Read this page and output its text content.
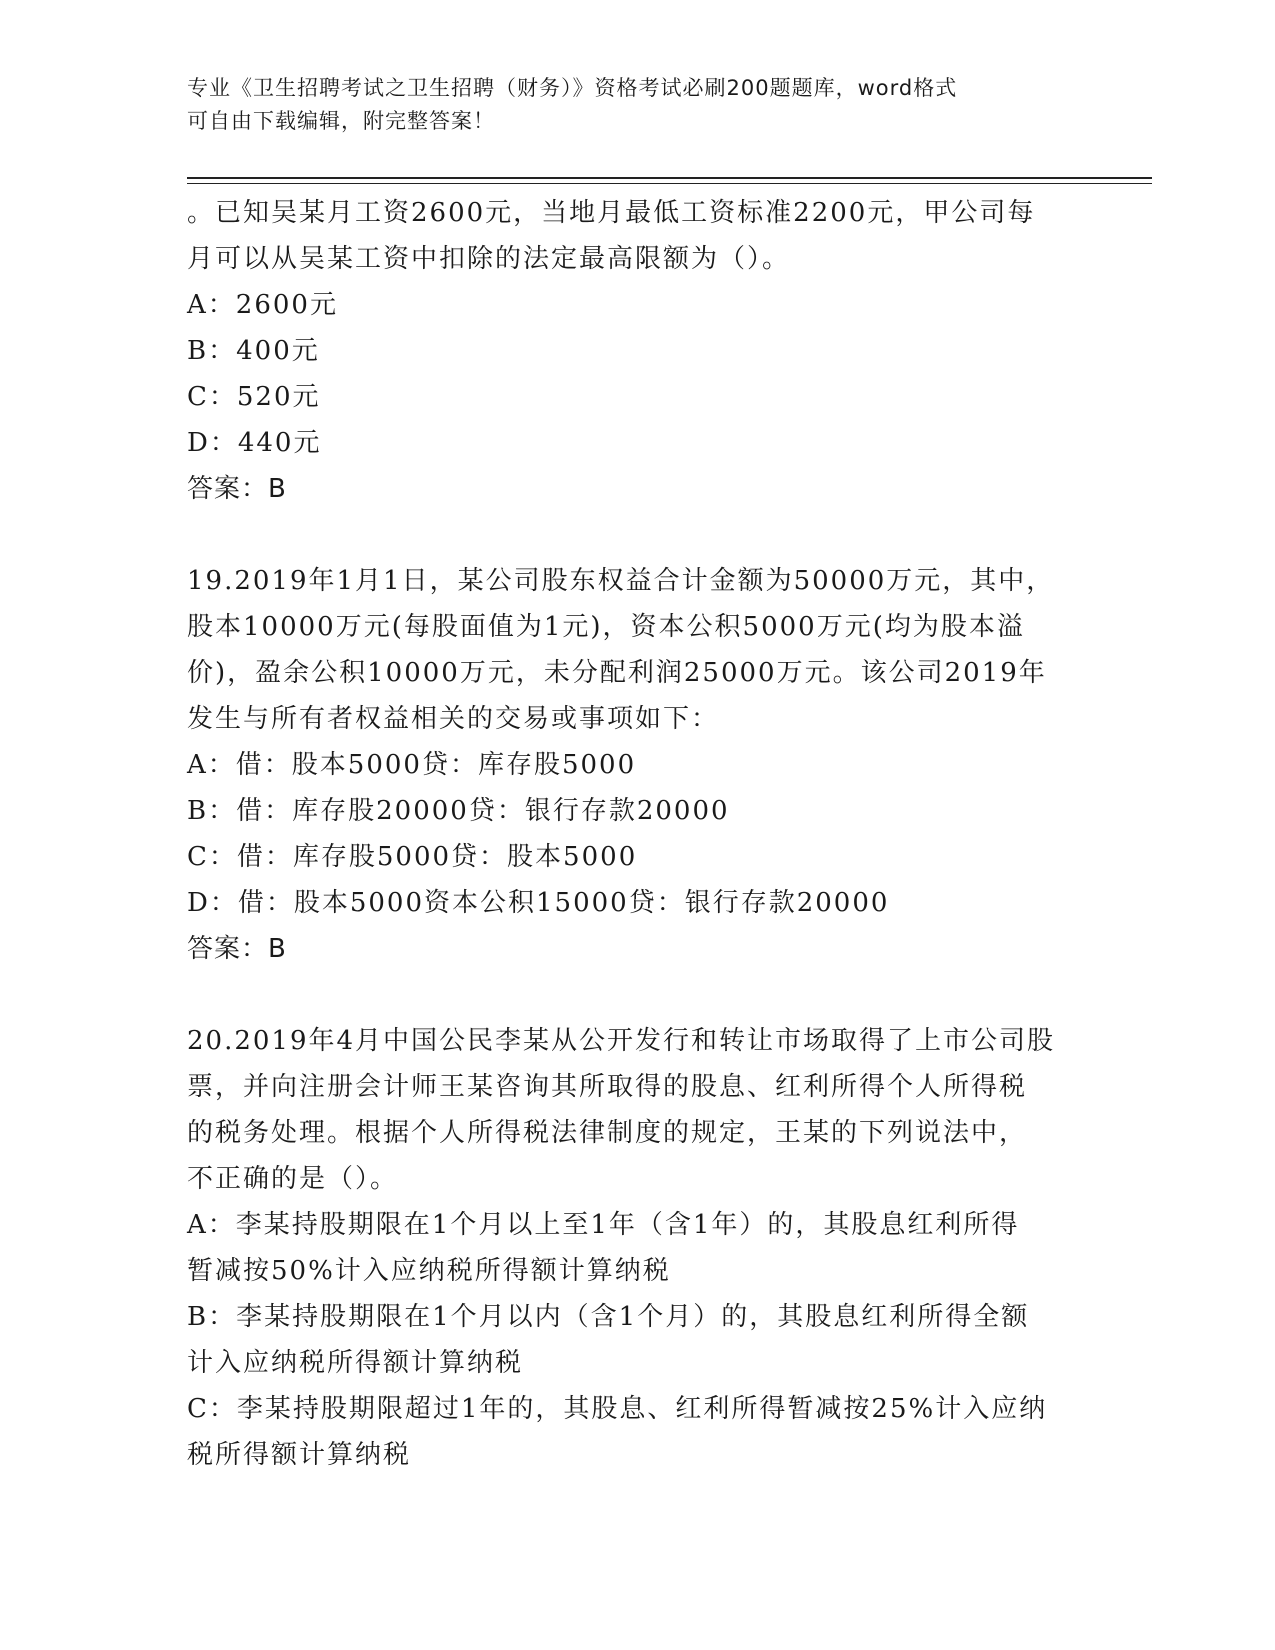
专业《卫生招聘考试之卫生招聘（财务）》资格考试必刷200题题库，word格式
可自由下载编辑，附完整答案！
。已知吴某月工资2600元，当地月最低工资标准2200元，甲公司每
月可以从吴某工资中扣除的法定最高限额为（）。
A：2600元
B：400元
C：520元
D：440元
答案：B
19.2019年1月1日，某公司股东权益合计金额为50000万元，其中，
股本10000万元(每股面值为1元)，资本公积5000万元(均为股本溢
价)，盈余公积10000万元，未分配利润25000万元。该公司2019年
发生与所有者权益相关的交易或事项如下：
A：借：股本5000贷：库存股5000
B：借：库存股20000贷：银行存款20000
C：借：库存股5000贷：股本5000
D：借：股本5000资本公积15000贷：银行存款20000
答案：B
20.2019年4月中国公民李某从公开发行和转让市场取得了上市公司股
票，并向注册会计师王某咨询其所取得的股息、红利所得个人所得税
的税务处理。根据个人所得税法律制度的规定，王某的下列说法中，
不正确的是（）。
A：李某持股期限在1个月以上至1年（含1年）的，其股息红利所得
暂减按50%计入应纳税所得额计算纳税
B：李某持股期限在1个月以内（含1个月）的，其股息红利所得全额
计入应纳税所得额计算纳税
C：李某持股期限超过1年的，其股息、红利所得暂减按25%计入应纳
税所得额计算纳税
